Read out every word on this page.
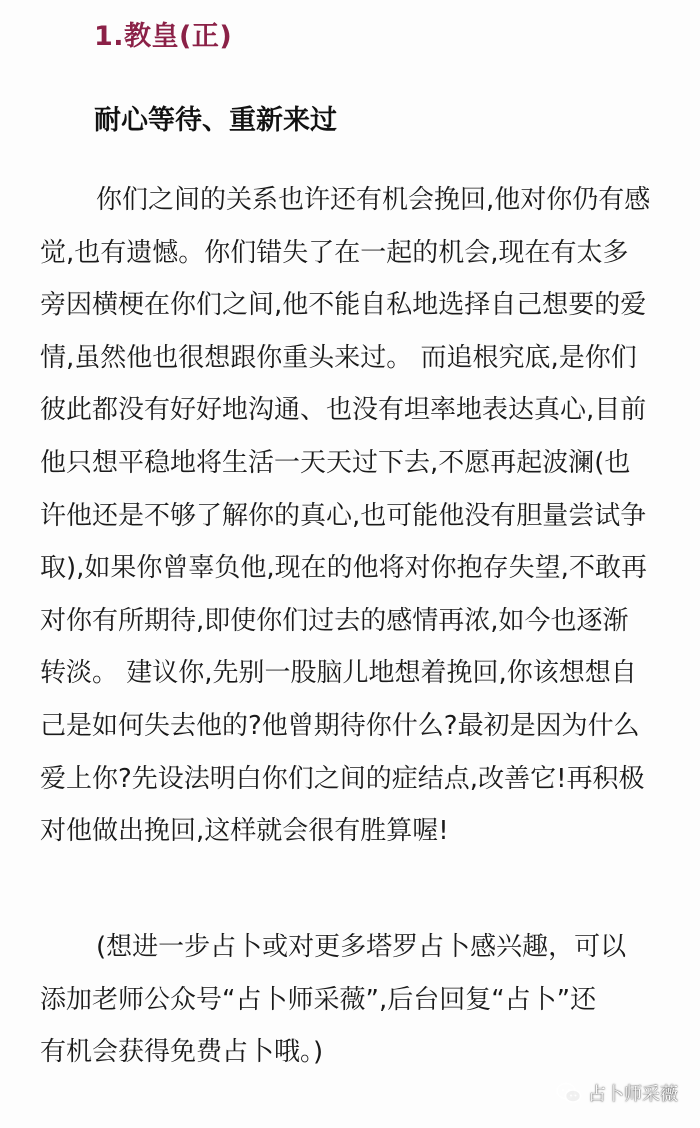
1.教皇(正)
耐心等待、重新来过
你们之间的关系也许还有机会挽回,他对你仍有感
觉,也有遗憾。你们错失了在一起的机会,现在有太多
旁因横梗在你们之间,他不能自私地选择自己想要的爱
情,虽然他也很想跟你重头来过。 而追根究底,是你们
彼此都没有好好地沟通、也没有坦率地表达真心,目前
他只想平稳地将生活一天天过下去,不愿再起波澜(也
许他还是不够了解你的真心,也可能他没有胆量尝试争
取),如果你曾辜负他,现在的他将对你抱存失望,不敢再
对你有所期待,即使你们过去的感情再浓,如今也逐渐
转淡。 建议你,先别一股脑儿地想着挽回,你该想想自
己是如何失去他的?他曾期待你什么?最初是因为什么
爱上你?先设法明白你们之间的症结点,改善它!再积极
对他做出挽回,这样就会很有胜算喔!
(想进一步占卜或对更多塔罗占卜感兴趣，可以
添加老师公众号“占卜师采薇”,后台回复“占卜”还
有机会获得免费占卜哦。)
占卜师采薇
